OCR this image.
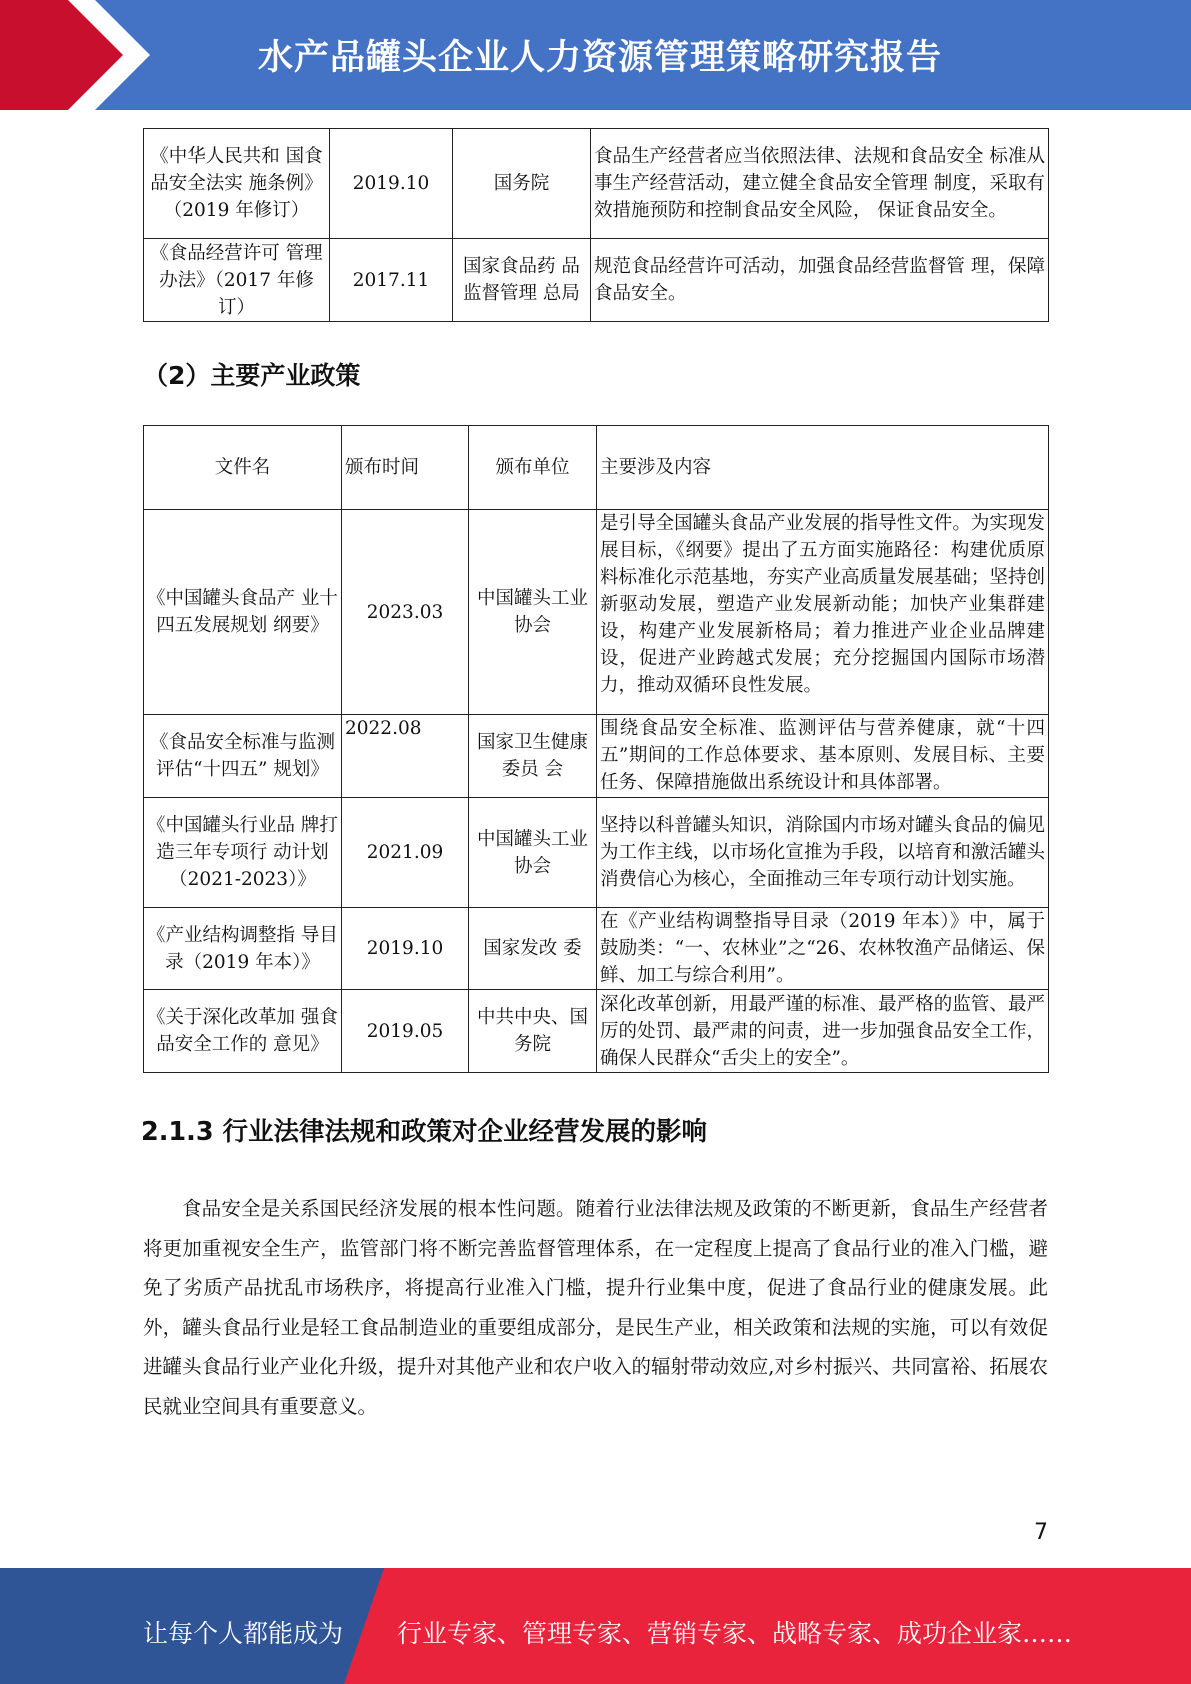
水产品罐头企业人力资源管理策略研究报告
《中华人民共和 国食品安全法实 施条例》（2019 年修订）	2019.10	国务院	食品生产经营者应当依照法律、法规和食品安全 标准从事生产经营活动，建立健全食品安全管理 制度，采取有效措施预防和控制食品安全风险， 保证食品安全。
《食品经营许可 管理办法》（2017 年修订）	2017.11	国家食品药 品监督管理 总局	规范食品经营许可活动，加强食品经营监督管 理，保障食品安全。
（2）主要产业政策
文件名	颁布时间	颁布单位	主要涉及内容
《中国罐头食品产 业十四五发展规划 纲要》	2023.03	中国罐头工业协会	是引导全国罐头食品产业发展的指导性文件。为实现发展目标，《纲要》提出了五方面实施路径：构建优质原料标准化示范基地，夯实产业高质量发展基础；坚持创新驱动发展，塑造产业发展新动能；加快产业集群建设，构建产业发展新格局；着力推进产业企业品牌建设，促进产业跨越式发展；充分挖掘国内国际市场潜力，推动双循环良性发展。

《食品安全标准与监测评估“十四五” 规划》	2022.08	国家卫生健康委员 会	围绕食品安全标准、监测评估与营养健康，就“十四五”期间的工作总体要求、基本原则、发展目标、主要任务、保障措施做出系统设计和具体部署。

《中国罐头行业品 牌打造三年专项行 动计划（2021-2023）》	2021.09	中国罐头工业协会	坚持以科普罐头知识，消除国内市场对罐头食品的偏见为工作主线，以市场化宣推为手段，以培育和激活罐头消费信心为核心，全面推动三年专项行动计划实施。

《产业结构调整指 导目录（2019 年本）》	2019.10	国家发改 委	在《产业结构调整指导目录（2019 年本）》中，属于鼓励类：“一、农林业”之“26、农林牧渔产品储运、保鲜、加工与综合利用”。

《关于深化改革加 强食品安全工作的 意见》	2019.05	中共中央、国务院	深化改革创新，用最严谨的标准、最严格的监管、最严厉的处罚、最严肃的问责，进一步加强食品安全工作，确保人民群众“舌尖上的安全”。
2.1.3 行业法律法规和政策对企业经营发展的影响

食品安全是关系国民经济发展的根本性问题。随着行业法律法规及政策的不断更新，食品生产经营者将更加重视安全生产，监管部门将不断完善监督管理体系，在一定程度上提高了食品行业的准入门槛，避免了劣质产品扰乱市场秩序，将提高行业准入门槛，提升行业集中度，促进了食品行业的健康发展。此外，罐头食品行业是轻工食品制造业的重要组成部分，是民生产业，相关政策和法规的实施，可以有效促进罐头食品行业产业化升级，提升对其他产业和农户收入的辐射带动效应,对乡村振兴、共同富裕、拓展农民就业空间具有重要意义。

7
让每个人都能成为 行业专家、管理专家、营销专家、战略专家、成功企业家……
